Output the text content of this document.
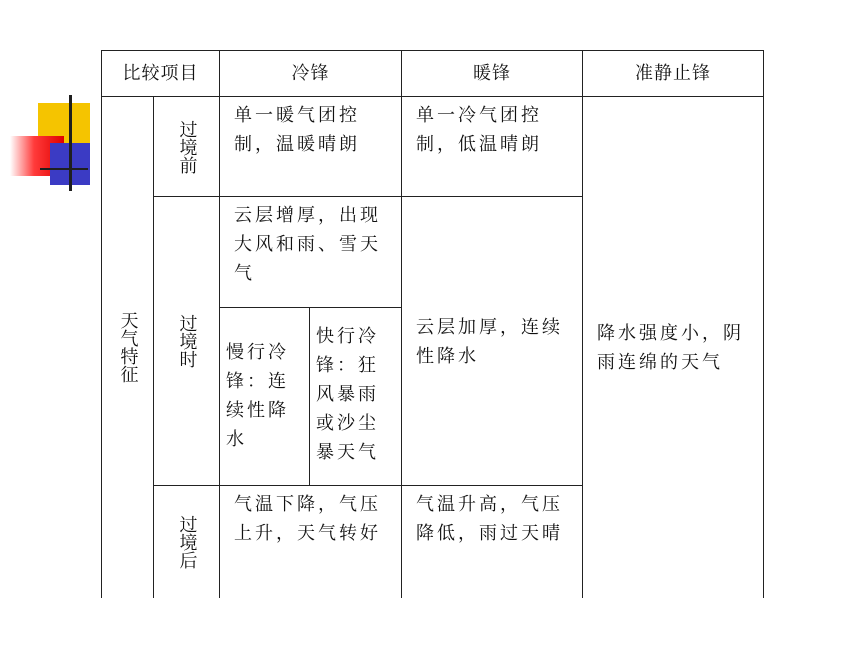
比较项目		冷锋		暖锋	准静止锋

天气特征	过境前	单一暖气团控制，温暖晴朗		单一冷气团控制，低温晴朗	降水强度小，阴雨连绵的天气

	过境时	云层增厚，出现大风和雨、雪天气		云层加厚，连续性降水	

		慢行冷锋：连续性降水	快行冷锋：狂风暴雨或沙尘暴天气		

	过境后	气温下降，气压上升，天气转好		气温升高，气压降低，雨过天晴	
